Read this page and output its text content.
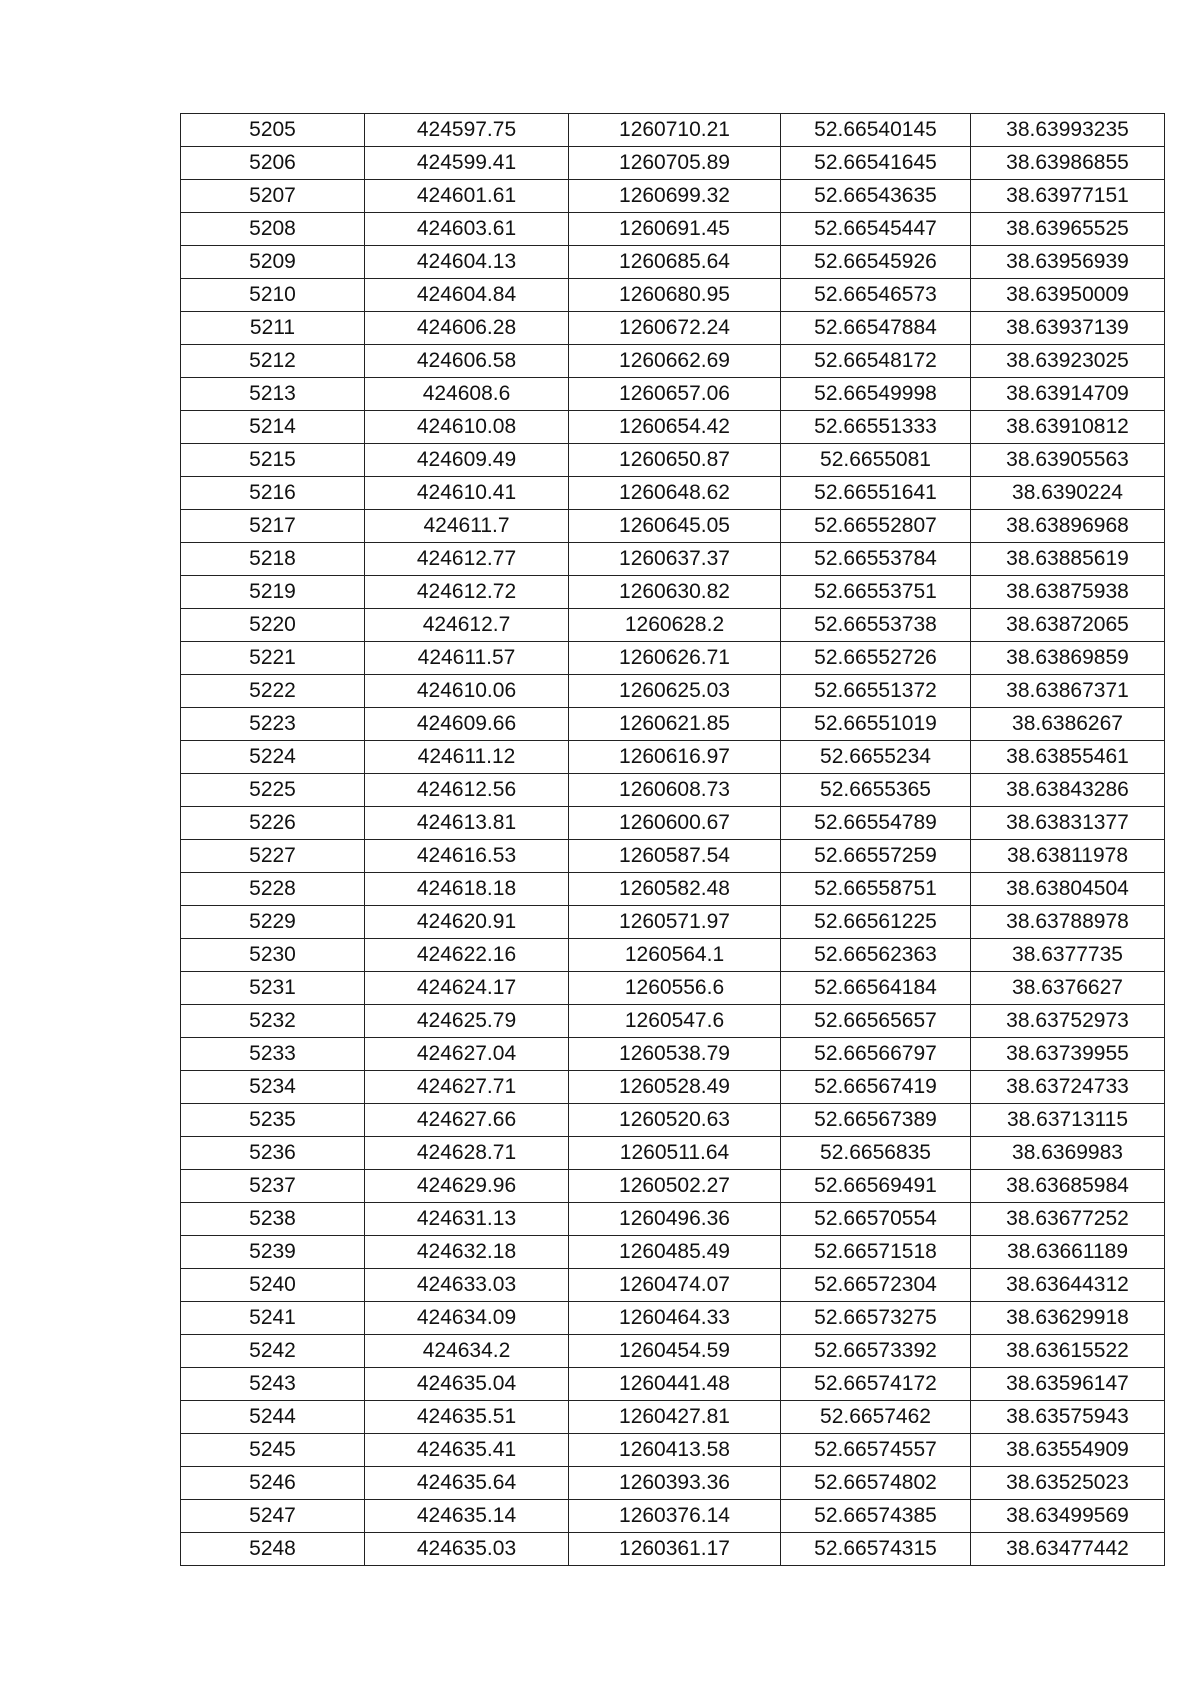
5205	424597.75	1260710.21	52.66540145	38.63993235
5206	424599.41	1260705.89	52.66541645	38.63986855
5207	424601.61	1260699.32	52.66543635	38.63977151
5208	424603.61	1260691.45	52.66545447	38.63965525
5209	424604.13	1260685.64	52.66545926	38.63956939
5210	424604.84	1260680.95	52.66546573	38.63950009
5211	424606.28	1260672.24	52.66547884	38.63937139
5212	424606.58	1260662.69	52.66548172	38.63923025
5213	424608.6	1260657.06	52.66549998	38.63914709
5214	424610.08	1260654.42	52.66551333	38.63910812
5215	424609.49	1260650.87	52.6655081	38.63905563
5216	424610.41	1260648.62	52.66551641	38.6390224
5217	424611.7	1260645.05	52.66552807	38.63896968
5218	424612.77	1260637.37	52.66553784	38.63885619
5219	424612.72	1260630.82	52.66553751	38.63875938
5220	424612.7	1260628.2	52.66553738	38.63872065
5221	424611.57	1260626.71	52.66552726	38.63869859
5222	424610.06	1260625.03	52.66551372	38.63867371
5223	424609.66	1260621.85	52.66551019	38.6386267
5224	424611.12	1260616.97	52.6655234	38.63855461
5225	424612.56	1260608.73	52.6655365	38.63843286
5226	424613.81	1260600.67	52.66554789	38.63831377
5227	424616.53	1260587.54	52.66557259	38.63811978
5228	424618.18	1260582.48	52.66558751	38.63804504
5229	424620.91	1260571.97	52.66561225	38.63788978
5230	424622.16	1260564.1	52.66562363	38.6377735
5231	424624.17	1260556.6	52.66564184	38.6376627
5232	424625.79	1260547.6	52.66565657	38.63752973
5233	424627.04	1260538.79	52.66566797	38.63739955
5234	424627.71	1260528.49	52.66567419	38.63724733
5235	424627.66	1260520.63	52.66567389	38.63713115
5236	424628.71	1260511.64	52.6656835	38.6369983
5237	424629.96	1260502.27	52.66569491	38.63685984
5238	424631.13	1260496.36	52.66570554	38.63677252
5239	424632.18	1260485.49	52.66571518	38.63661189
5240	424633.03	1260474.07	52.66572304	38.63644312
5241	424634.09	1260464.33	52.66573275	38.63629918
5242	424634.2	1260454.59	52.66573392	38.63615522
5243	424635.04	1260441.48	52.66574172	38.63596147
5244	424635.51	1260427.81	52.6657462	38.63575943
5245	424635.41	1260413.58	52.66574557	38.63554909
5246	424635.64	1260393.36	52.66574802	38.63525023
5247	424635.14	1260376.14	52.66574385	38.63499569
5248	424635.03	1260361.17	52.66574315	38.63477442
